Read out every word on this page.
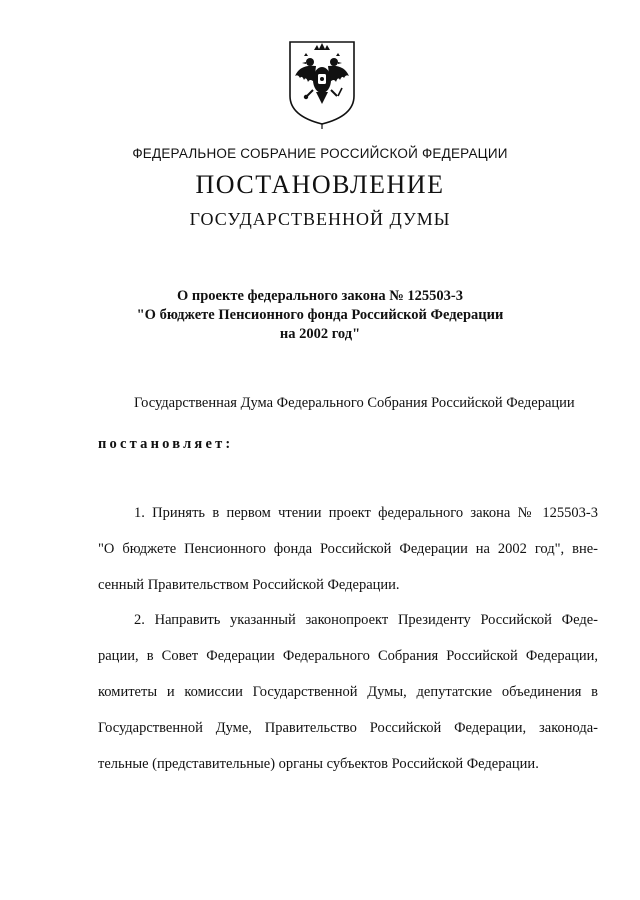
ФЕДЕРАЛЬНОЕ СОБРАНИЕ РОССИЙСКОЙ ФЕДЕРАЦИИ
ПОСТАНОВЛЕНИЕ
ГОСУДАРСТВЕННОЙ ДУМЫ
О проекте федерального закона № 125503-3
"О бюджете Пенсионного фонда Российской Федерации
на 2002 год"
Государственная Дума Федерального Собрания Российской Федерации
постановляет:
1. Принять в первом чтении проект федерального закона № 125503-3
"О бюджете Пенсионного фонда Российской Федерации на 2002 год", вне-
сенный Правительством Российской Федерации.
2. Направить указанный законопроект Президенту Российской Феде-
рации, в Совет Федерации Федерального Собрания Российской Федерации,
комитеты и комиссии Государственной Думы, депутатские объединения в
Государственной Думе, Правительство Российской Федерации, законода-
тельные (представительные) органы субъектов Российской Федерации.
